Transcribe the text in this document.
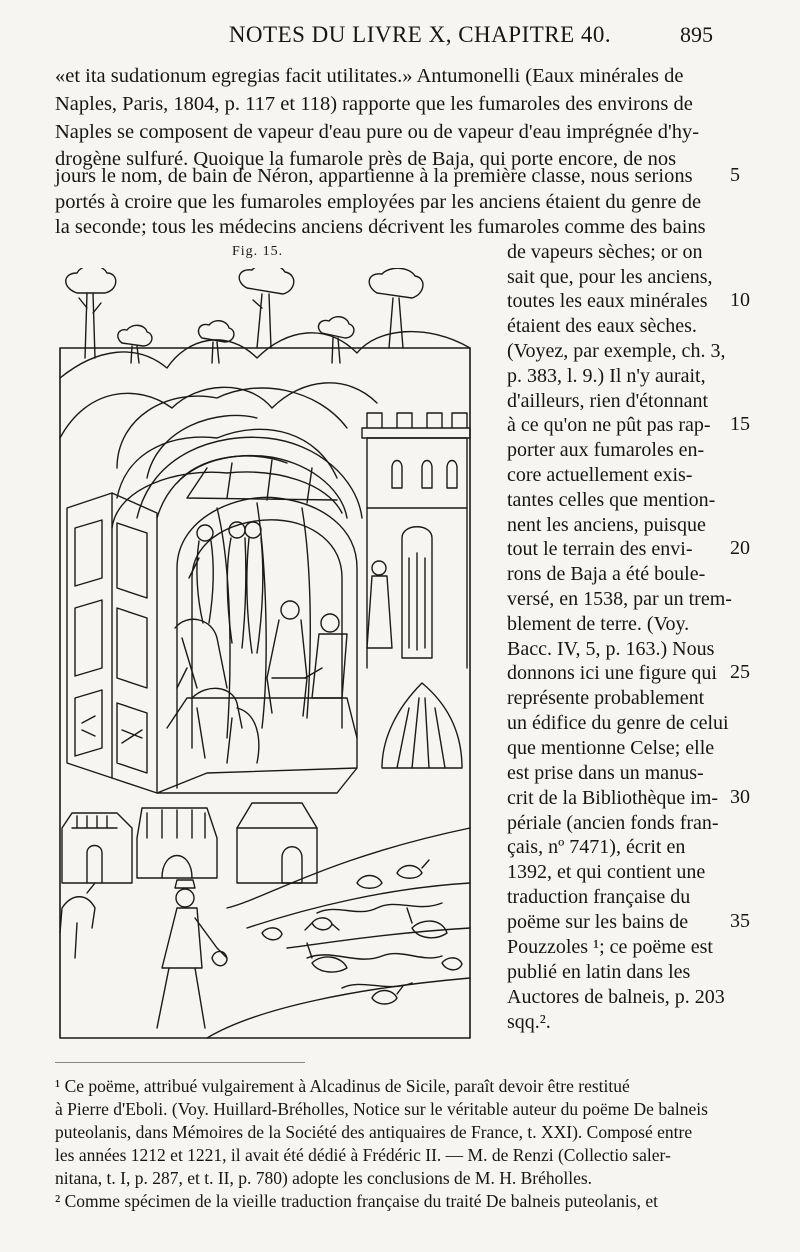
NOTES DU LIVRE X, CHAPITRE 40.	895
«et ita sudationum egregias facit utilitates.» Antumonelli (Eaux minérales de
Naples, Paris, 1804, p. 117 et 118) rapporte que les fumaroles des environs de
Naples se composent de vapeur d'eau pure ou de vapeur d'eau imprégnée d'hy-
drogène sulfuré. Quoique la fumarole près de Baja, qui porte encore, de nos
jours le nom, de bain de Néron, appartienne à la première classe, nous serions
portés à croire que les fumaroles employées par les anciens étaient du genre de
la seconde; tous les médecins anciens décrivent les fumaroles comme des bains
de vapeurs sèches; or on
sait que, pour les anciens,
toutes les eaux minérales
étaient des eaux sèches.
(Voyez, par exemple, ch. 3,
p. 383, l. 9.) Il n'y aurait,
d'ailleurs, rien d'étonnant
à ce qu'on ne pût pas rap-
porter aux fumaroles en-
core actuellement exis-
tantes celles que mention-
nent les anciens, puisque
tout le terrain des envi-
rons de Baja a été boule-
versé, en 1538, par un trem-
blement de terre. (Voy.
Bacc. IV, 5, p. 163.) Nous
donnons ici une figure qui
représente probablement
un édifice du genre de celui
que mentionne Celse; elle
est prise dans un manus-
crit de la Bibliothèque im-
périale (ancien fonds fran-
çais, nº 7471), écrit en
1392, et qui contient une
traduction française du
poëme sur les bains de
Pouzzoles ¹; ce poëme est
publié en latin dans les
Auctores de balneis, p. 203
sqq.².
5
10
15
20
25
30
35
Fig. 15.
¹ Ce poëme, attribué vulgairement à Alcadinus de Sicile, paraît devoir être restitué
à Pierre d'Eboli. (Voy. Huillard-Bréholles, Notice sur le véritable auteur du poëme De balneis
puteolanis, dans Mémoires de la Société des antiquaires de France, t. XXI). Composé entre
les années 1212 et 1221, il avait été dédié à Frédéric II. — M. de Renzi (Collectio saler-
nitana, t. I, p. 287, et t. II, p. 780) adopte les conclusions de M. H. Bréholles.
² Comme spécimen de la vieille traduction française du traité De balneis puteolanis, et
